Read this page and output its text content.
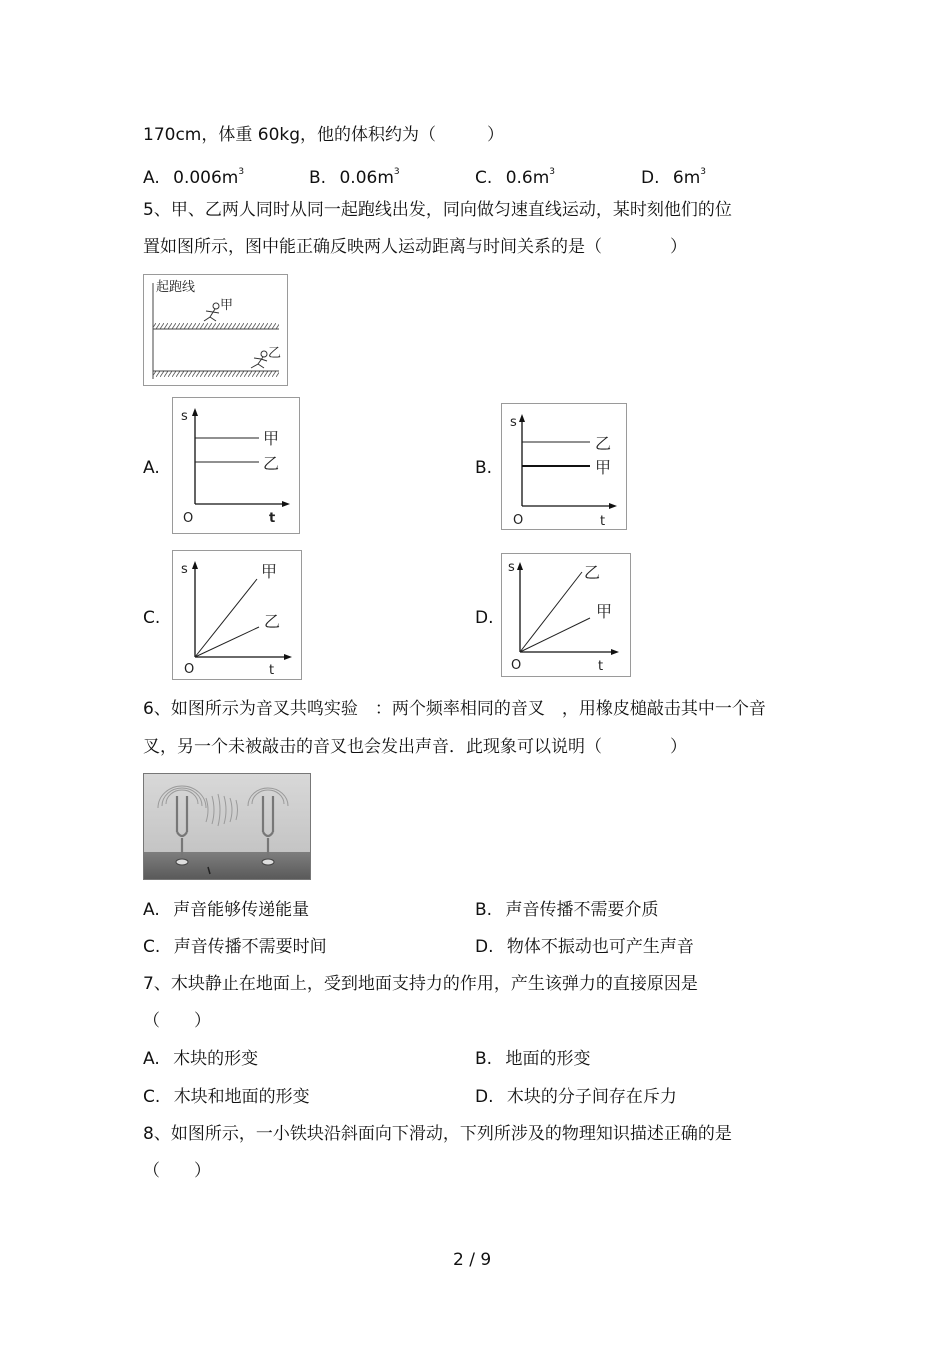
170cm，体重 60kg，他的体积约为（　　　）
A. $0.006m^3$	B. $0.06m^3$	C. $0.6m^3$	D. $6m^3$
5、甲、乙两人同时从同一起跑线出发，同向做匀速直线运动，某时刻他们的位
置如图所示，图中能正确反映两人运动距离与时间关系的是（　　　　）
起跑线
甲
乙
A.
s
O	t
甲
乙	B.
s
O	t
乙
甲
C.
s
O	t
甲
乙	D.
s
O	t
乙
甲
6、如图所示为音叉共鸣实验　：两个频率相同的音叉　，用橡皮槌敲击其中一个音
叉，另一个未被敲击的音叉也会发出声音．此现象可以说明（　　　　）
A. 声音能够传递能量	B. 声音传播不需要介质
C. 声音传播不需要时间	D. 物体不振动也可产生声音
7、木块静止在地面上，受到地面支持力的作用，产生该弹力的直接原因是
（　　）
A. 木块的形变	B. 地面的形变
C. 木块和地面的形变	D. 木块的分子间存在斥力
8、如图所示，一小铁块沿斜面向下滑动，下列所涉及的物理知识描述正确的是
（　　）
2 / 9
